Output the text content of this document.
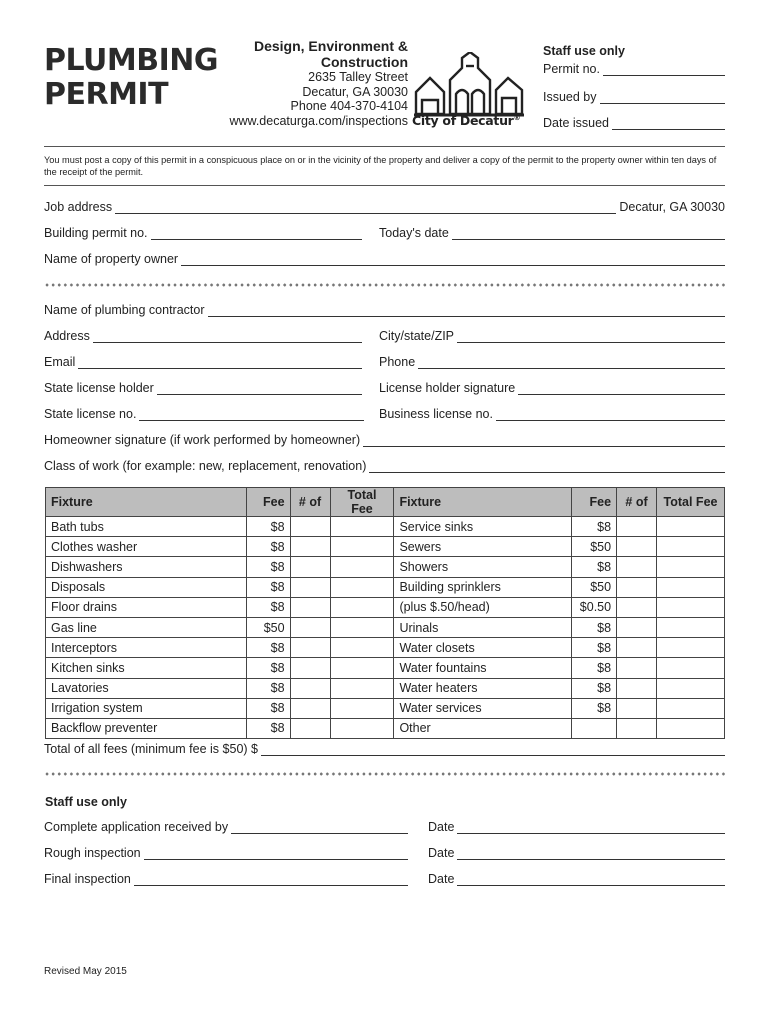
PLUMBING
PERMIT
Design, Environment &
Construction
2635 Talley Street
Decatur, GA 30030
Phone 404-370-4104
www.decaturga.com/inspections City of Decatur®
Staff use only
Permit no.
Issued by
Date issued
You must post a copy of this permit in a conspicuous place on or in the vicinity of the property and deliver a copy of the permit to the property owner within ten days of the receipt of the permit.
Job address	Decatur, GA 30030
Building permit no.	Today's date
Name of property owner
Name of plumbing contractor
Address	City/state/ZIP
Email	Phone
State license holder	License holder signature
State license no.	Business license no.
Homeowner signature (if work performed by homeowner)
Class of work (for example: new, replacement, renovation)
Fixture	Fee	# of	Total Fee	Fixture	Fee	# of	Total Fee
Bath tubs	$8			Service sinks	$8		
Clothes washer	$8			Sewers	$50		
Dishwashers	$8			Showers	$8		
Disposals	$8			Building sprinklers	$50		
Floor drains	$8			(plus $.50/head)	$0.50		
Gas line	$50			Urinals	$8		
Interceptors	$8			Water closets	$8		
Kitchen sinks	$8			Water fountains	$8		
Lavatories	$8			Water heaters	$8		
Irrigation system	$8			Water services	$8		
Backflow preventer	$8			Other			
Total of all fees (minimum fee is $50) $
Staff use only
Complete application received by	Date
Rough inspection	Date
Final inspection	Date
Revised May 2015
